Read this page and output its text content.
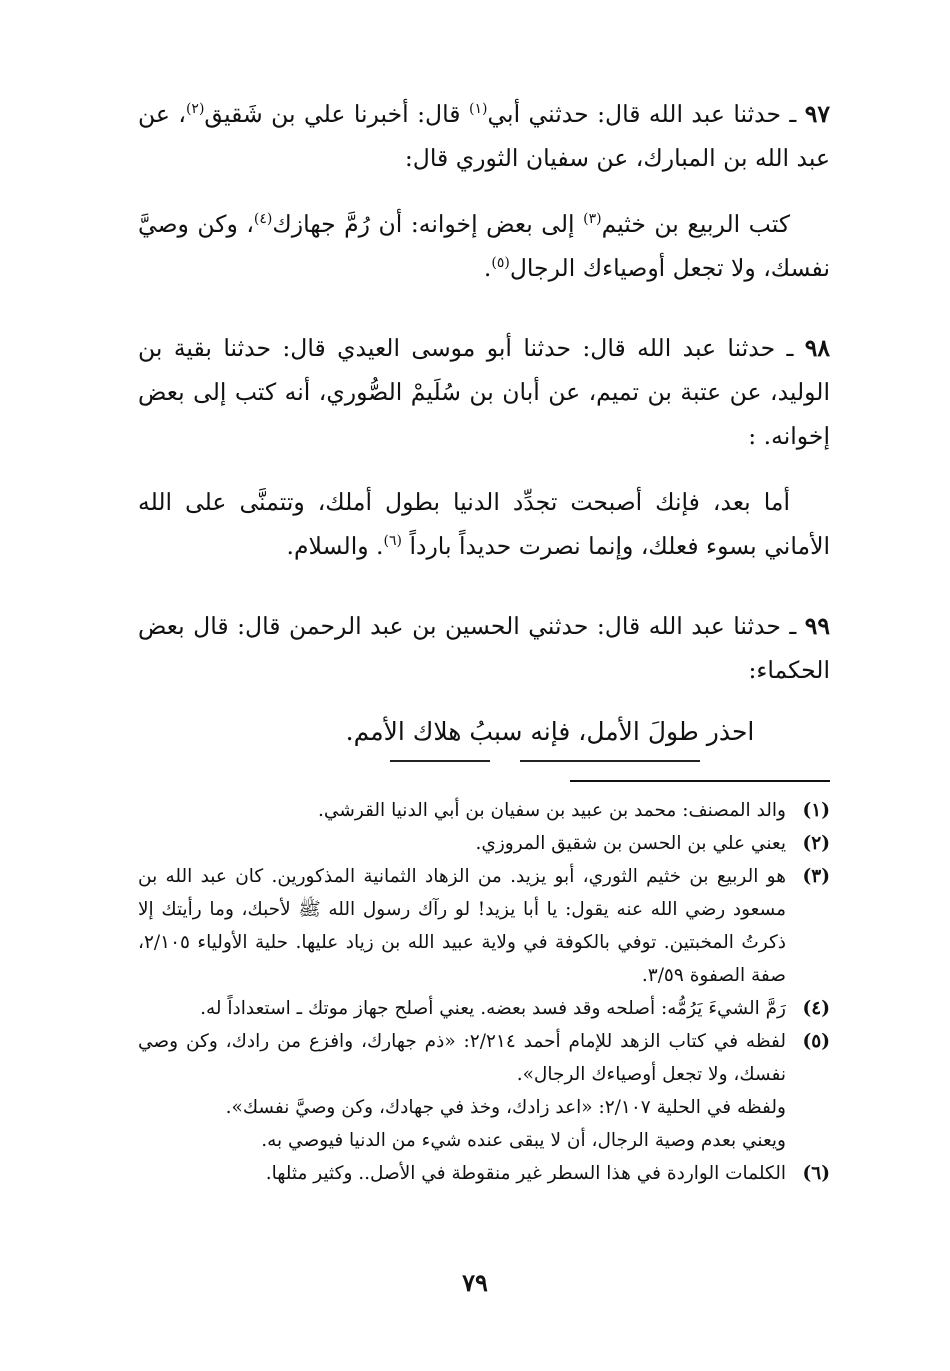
٩٧ ـ حدثنا عبد الله قال: حدثني أبي$^{(١)}$ قال: أخبرنا علي بن شَقيق$^{(٢)}$، عن عبد الله بن المبارك، عن سفيان الثوري قال:

كتب الربيع بن خثيم$^{(٣)}$ إلى بعض إخوانه: أن رُمَّ جهازك$^{(٤)}$، وكن وصيَّ نفسك، ولا تجعل أوصياءك الرجال$^{(٥)}$.

٩٨ ـ حدثنا عبد الله قال: حدثنا أبو موسى العيدي قال: حدثنا بقية بن الوليد، عن عتبة بن تميم، عن أبان بن سُلَيمْ الصُّوري، أنه كتب إلى بعض إخوانه. :

أما بعد، فإنك أصبحت تجدِّد الدنيا بطول أملك، وتتمنَّى على الله الأماني بسوء فعلك، وإنما نصرت حديداً بارداً $^{(٦)}$. والسلام.

٩٩ ـ حدثنا عبد الله قال: حدثني الحسين بن عبد الرحمن قال: قال بعض الحكماء:

احذر طولَ الأمل، فإنه سببُ هلاك الأمم.
(١)
والد المصنف: محمد بن عبيد بن سفيان بن أبي الدنيا القرشي.
(٢)
يعني علي بن الحسن بن شقيق المروزي.
(٣)
هو الربيع بن خثيم الثوري، أبو يزيد. من الزهاد الثمانية المذكورين. كان عبد الله بن مسعود رضي الله عنه يقول: يا أبا يزيد! لو رآك رسول الله ﷺ لأحبك، وما رأيتك إلا ذكرتُ المخبتين. توفي بالكوفة في ولاية عبيد الله بن زياد عليها. حلية الأولياء ٢/١٠٥، صفة الصفوة ٣/٥٩.
(٤)
رَمَّ الشيءَ يَرُمُّه: أصلحه وقد فسد بعضه. يعني أصلح جهاز موتك ـ استعداداً له.
(٥)
لفظه في كتاب الزهد للإمام أحمد ٢/٢١٤: «ذم جهارك، وافزع من رادك، وكن وصي نفسك، ولا تجعل أوصياءك الرجال».
ولفظه في الحلية ٢/١٠٧: «اعد زادك، وخذ في جهادك، وكن وصيَّ نفسك».
ويعني بعدم وصية الرجال، أن لا يبقى عنده شيء من الدنيا فيوصي به.
(٦)
الكلمات الواردة في هذا السطر غير منقوطة في الأصل.. وكثير مثلها.
٧٩
